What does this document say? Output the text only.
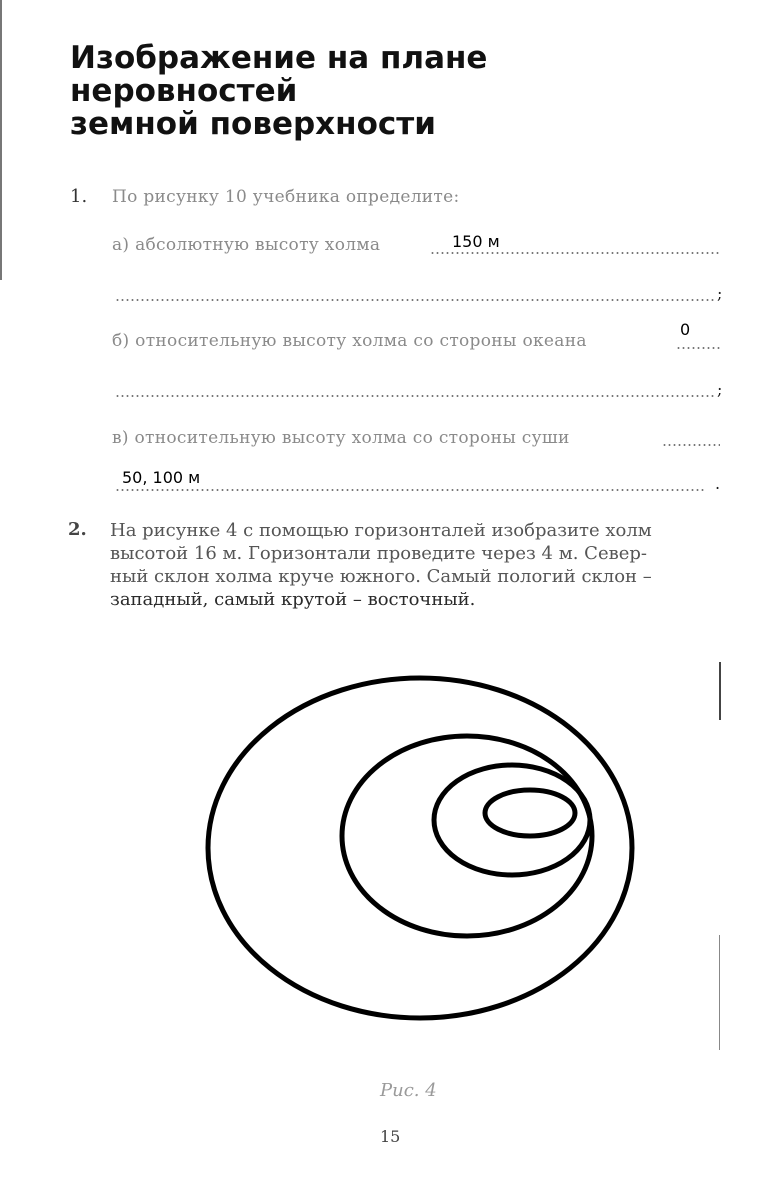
Изображение на плане
неровностей
земной поверхности
1. По рисунку 10 учебника определите:
а) абсолютную высоту холма	150 м
;
б) относительную высоту холма со стороны океана
0
;
в) относительную высоту холма со стороны суши
50, 100 м	.
2. На рисунке 4 с помощью горизонталей изобразите холм
высотой 16 м. Горизонтали проведите через 4 м. Север-
ный склон холма круче южного. Самый пологий склон –
западный, самый крутой – восточный.
Рис. 4
15
